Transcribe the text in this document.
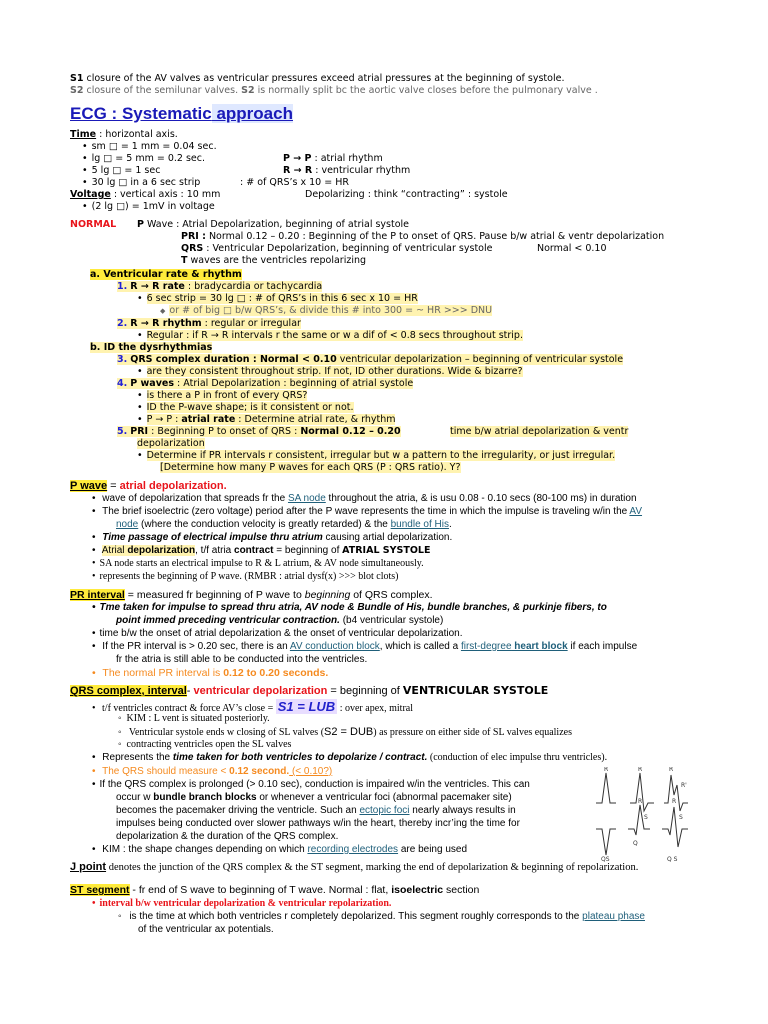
S1 closure of the AV valves as ventricular pressures exceed atrial pressures at the beginning of systole.
S2 closure of the semilunar valves. S2 is normally split bc the aortic valve closes before the pulmonary valve .
ECG : Systematic approach
Time : horizontal axis.
• sm □ = 1 mm = 0.04 sec.
• lg □ = 5 mm = 0.2 sec.	P → P : atrial rhythm
• 5 lg □ = 1 sec	R → R : ventricular rhythm
• 30 lg □ in a 6 sec strip	: # of QRS’s x 10 = HR
Voltage : vertical axis : 10 mm	Depolarizing : think “contracting” : systole
• (2 lg □) = 1mV in voltage
NORMAL P Wave : Atrial Depolarization, beginning of atrial systole
PRI : Normal 0.12 – 0.20 : Beginning of the P to onset of QRS. Pause b/w atrial & ventr depolarization
QRS : Ventricular Depolarization, beginning of ventricular systole	Normal < 0.10
T waves are the ventricles repolarizing
a. Ventricular rate & rhythm
1. R → R rate : bradycardia or tachycardia
• 6 sec strip = 30 lg □ : # of QRS’s in this 6 sec x 10 = HR
◆ or # of big □ b/w QRS’s, & divide this # into 300 = ~ HR >>> DNU
2. R → R rhythm : regular or irregular
• Regular : if R → R intervals r the same or w a dif of < 0.8 secs throughout strip.
b. ID the dysrhythmias
3. QRS complex duration : Normal < 0.10 ventricular depolarization – beginning of ventricular systole
• are they consistent throughout strip. If not, ID other durations. Wide & bizarre?
4. P waves : Atrial Depolarization : beginning of atrial systole
• is there a P in front of every QRS?
• ID the P-wave shape; is it consistent or not.
• P → P : atrial rate : Determine atrial rate, & rhythm
5. PRI : Beginning P to onset of QRS : Normal 0.12 – 0.20	time b/w atrial depolarization & ventr
depolarization
• Determine if PR intervals r consistent, irregular but w a pattern to the irregularity, or just irregular.
[Determine how many P waves for each QRS (P : QRS ratio). Y?
P wave = atrial depolarization.
• wave of depolarization that spreads fr the SA node throughout the atria, & is usu 0.08 - 0.10 secs (80-100 ms) in duration
• The brief isoelectric (zero voltage) period after the P wave represents the time in which the impulse is traveling w/in the AV
node (where the conduction velocity is greatly retarded) & the bundle of His.
• Time passage of electrical impulse thru atrium causing artial depolarization.
• Atrial depolarization, t/f atria contract = beginning of ATRIAL SYSTOLE
• SA node starts an electrical impulse to R & L atrium, & AV node simultaneously.
• represents the beginning of P wave. (RMBR : atrial dysf(x) >>> blot clots)
PR interval = measured fr beginning of P wave to beginning of QRS complex.
• Tme taken for impulse to spread thru atria, AV node & Bundle of His, bundle branches, & purkinje fibers, to
point immed preceding ventricular contraction. (b4 ventricular systole)
• time b/w the onset of atrial depolarization & the onset of ventricular depolarization.
• If the PR interval is > 0.20 sec, there is an AV conduction block, which is called a first-degree heart block if each impulse
fr the atria is still able to be conducted into the ventricles.
• The normal PR interval is 0.12 to 0.20 seconds.
QRS complex, interval- ventricular depolarization = beginning of VENTRICULAR SYSTOLE
• t/f ventricles contract & force AV’s close = S1 = LUB : over apex, mitral
◦ KIM : L vent is situated posteriorly.
◦ Ventricular systole ends w closing of SL valves (S2 = DUB) as pressure on either side of SL valves equalizes
◦ contracting ventricles open the SL valves
• Represents the time taken for both ventricles to depolarize / contract. (conduction of elec impulse thru ventricles).
• The QRS should measure < 0.12 second. (< 0.10?)
• If the QRS complex is prolonged (> 0.10 sec), conduction is impaired w/in the ventricles. This can
occur w bundle branch blocks or whenever a ventricular foci (abnormal pacemaker site)
becomes the pacemaker driving the ventricle. Such an ectopic foci nearly always results in
impulses being conducted over slower pathways w/in the heart, thereby incr’ing the time for
depolarization & the duration of the QRS complex.
• KIM : the shape changes depending on which recording electrodes are being used
R	R	R
R'
S	S
R	R
QS
Q
Q S
J point denotes the junction of the QRS complex & the ST segment, marking the end of depolarization & beginning of repolarization.
ST segment - fr end of S wave to beginning of T wave. Normal : flat, isoelectric section
• interval b/w ventricular depolarization & ventricular repolarization.
◦ is the time at which both ventricles r completely depolarized. This segment roughly corresponds to the plateau phase
of the ventricular ax potentials.
